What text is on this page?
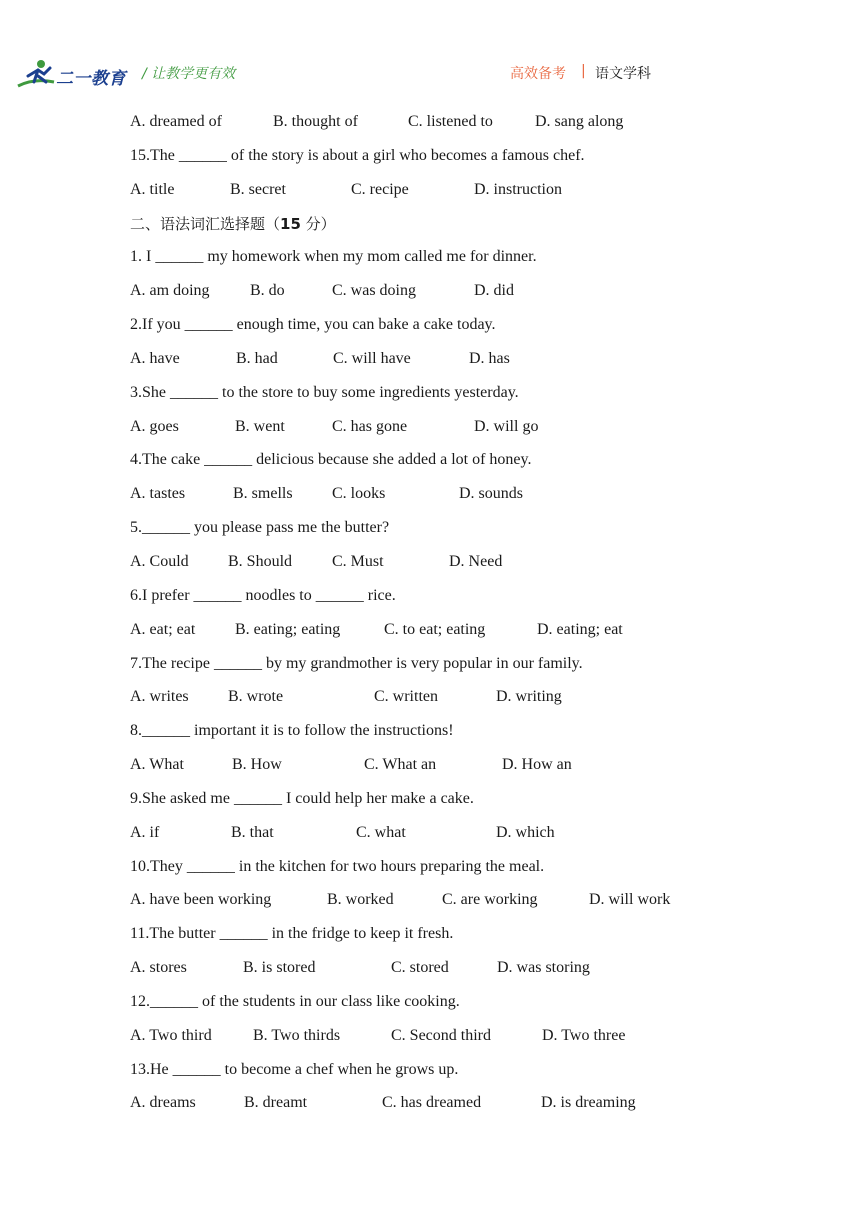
二一教育 / 让教学更有效	高效备考 | 语文学科
A. dreamed of	B. thought of	C. listened to	D. sang along
15.The ______ of the story is about a girl who becomes a famous chef.
A. title	B. secret	C. recipe	D. instruction
二、语法词汇选择题（15 分）
1. I ______ my homework when my mom called me for dinner.
A. am doing	B. do	C. was doing	D. did
2.If you ______ enough time, you can bake a cake today.
A. have	B. had	C. will have	D. has
3.She ______ to the store to buy some ingredients yesterday.
A. goes	B. went	C. has gone	D. will go
4.The cake ______ delicious because she added a lot of honey.
A. tastes	B. smells C. looks	D. sounds
5.______ you please pass me the butter?
A. Could B. Should C. Must	D. Need
6.I prefer ______ noodles to ______ rice.
A. eat; eat B. eating; eating	C. to eat; eating	D. eating; eat
7.The recipe ______ by my grandmother is very popular in our family.
A. writes B. wrote	C. written	D. writing
8.______ important it is to follow the instructions!
A. What	B. How	C. What an	D. How an
9.She asked me ______ I could help her make a cake.
A. if	B. that	C. what	D. which
10.They ______ in the kitchen for two hours preparing the meal.
A. have been working	B. worked	C. are working	D. will work
11.The butter ______ in the fridge to keep it fresh.
A. stores	B. is stored	C. stored	D. was storing
12.______ of the students in our class like cooking.
A. Two third	B. Two thirds	C. Second third	D. Two three
13.He ______ to become a chef when he grows up.
A. dreams	B. dreamt	C. has dreamed	D. is dreaming
